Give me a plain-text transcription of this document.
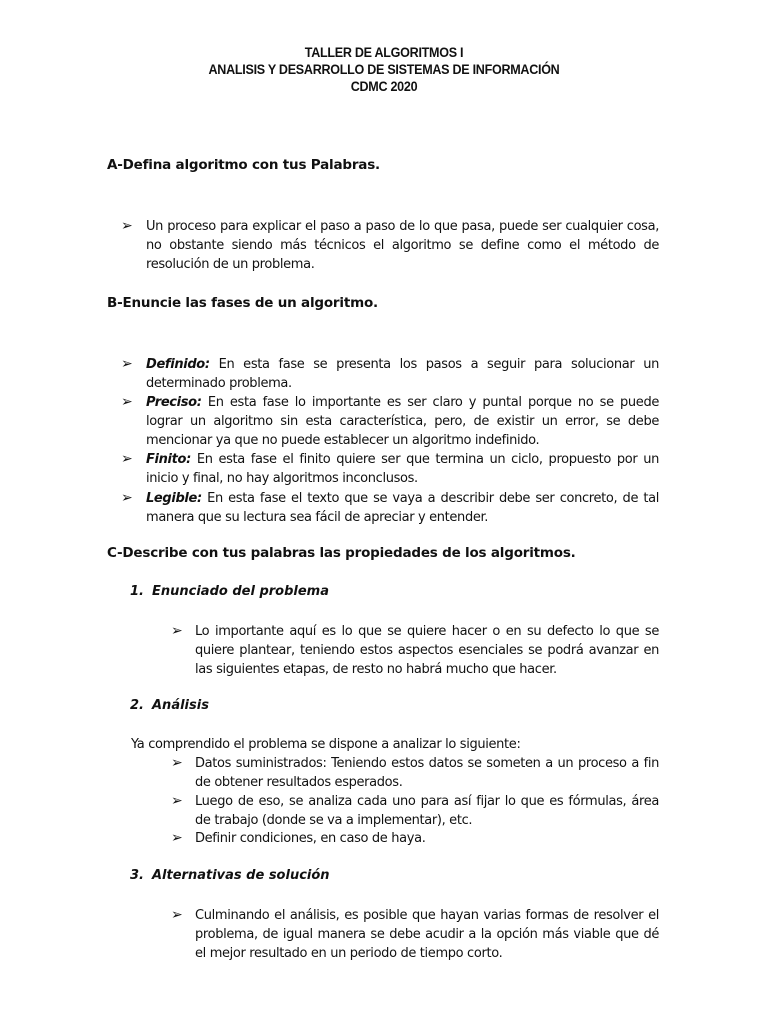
TALLER DE ALGORITMOS I
ANALISIS Y DESARROLLO DE SISTEMAS DE INFORMACIÓN
CDMC 2020
A-Defina algoritmo con tus Palabras.
➢ Un proceso para explicar el paso a paso de lo que pasa, puede ser cualquier cosa, no obstante siendo más técnicos el algoritmo se define como el método de resolución de un problema.
B-Enuncie las fases de un algoritmo.
➢ Definido: En esta fase se presenta los pasos a seguir para solucionar un determinado problema.
➢ Preciso: En esta fase lo importante es ser claro y puntal porque no se puede lograr un algoritmo sin esta característica, pero, de existir un error, se debe mencionar ya que no puede establecer un algoritmo indefinido.
➢ Finito: En esta fase el finito quiere ser que termina un ciclo, propuesto por un inicio y final, no hay algoritmos inconclusos.
➢ Legible: En esta fase el texto que se vaya a describir debe ser concreto, de tal manera que su lectura sea fácil de apreciar y entender.
C-Describe con tus palabras las propiedades de los algoritmos.
1. Enunciado del problema
➢ Lo importante aquí es lo que se quiere hacer o en su defecto lo que se quiere plantear, teniendo estos aspectos esenciales se podrá avanzar en las siguientes etapas, de resto no habrá mucho que hacer.
2. Análisis
Ya comprendido el problema se dispone a analizar lo siguiente:
➢ Datos suministrados: Teniendo estos datos se someten a un proceso a fin de obtener resultados esperados.
➢ Luego de eso, se analiza cada uno para así fijar lo que es fórmulas, área de trabajo (donde se va a implementar), etc.
➢ Definir condiciones, en caso de haya.
3. Alternativas de solución
➢ Culminando el análisis, es posible que hayan varias formas de resolver el problema, de igual manera se debe acudir a la opción más viable que dé el mejor resultado en un periodo de tiempo corto.
